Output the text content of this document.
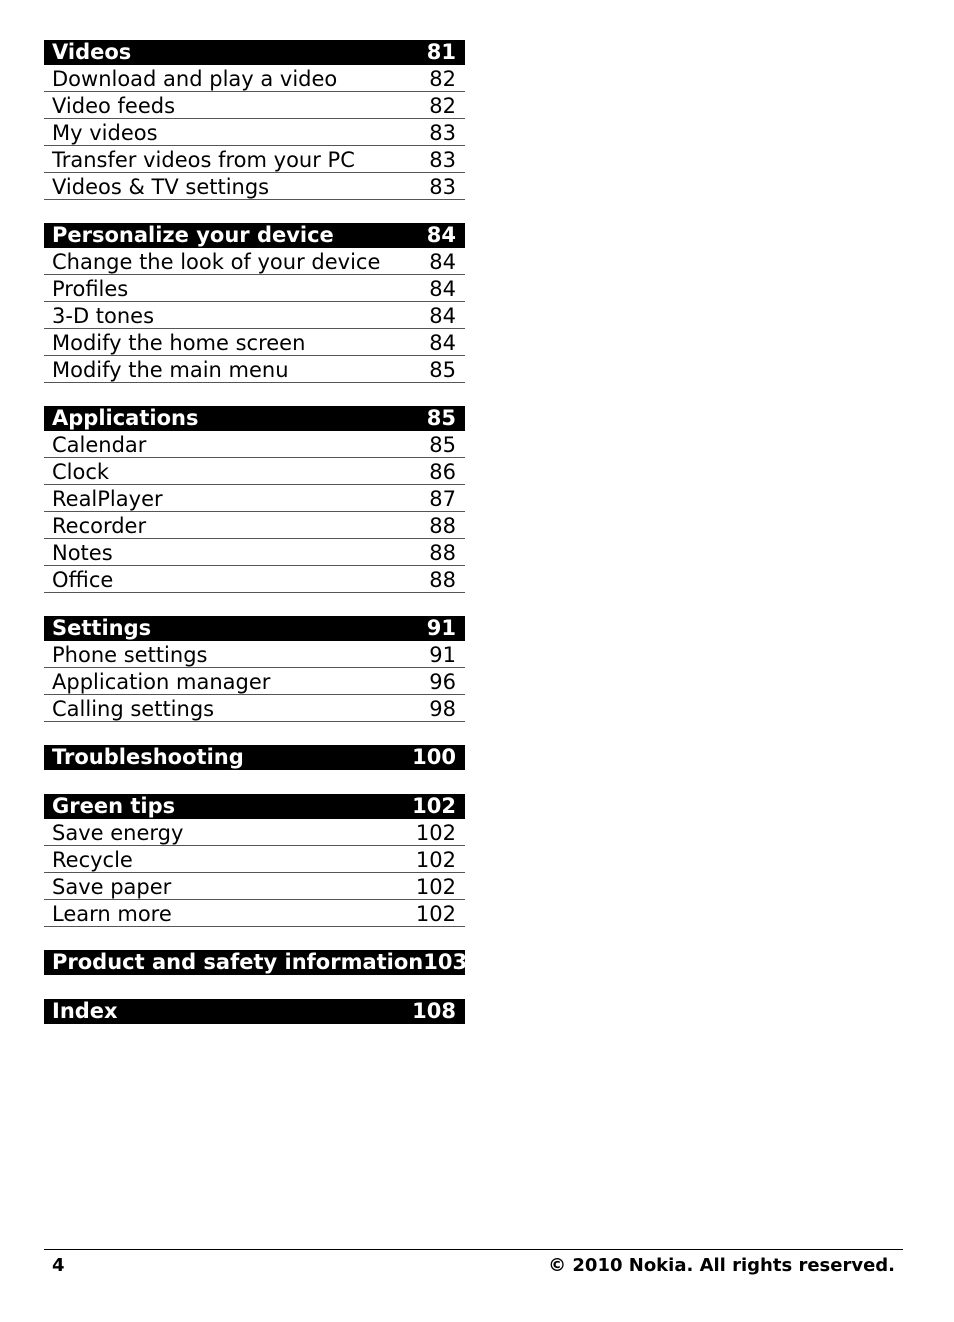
Videos	81
Download and play a video	82
Video feeds	82
My videos	83
Transfer videos from your PC	83
Videos & TV settings	83
Personalize your device	84
Change the look of your device 84
Profiles	84
3-D tones	84
Modify the home screen	84
Modify the main menu	85
Applications	85
Calendar	85
Clock	86
RealPlayer	87
Recorder	88
Notes	88
Office	88
Settings	91
Phone settings	91
Application manager	96
Calling settings	98
Troubleshooting	100
Green tips	102
Save energy	102
Recycle	102
Save paper	102
Learn more	102
Product and safety information 103
Index	108
4	© 2010 Nokia. All rights reserved.
